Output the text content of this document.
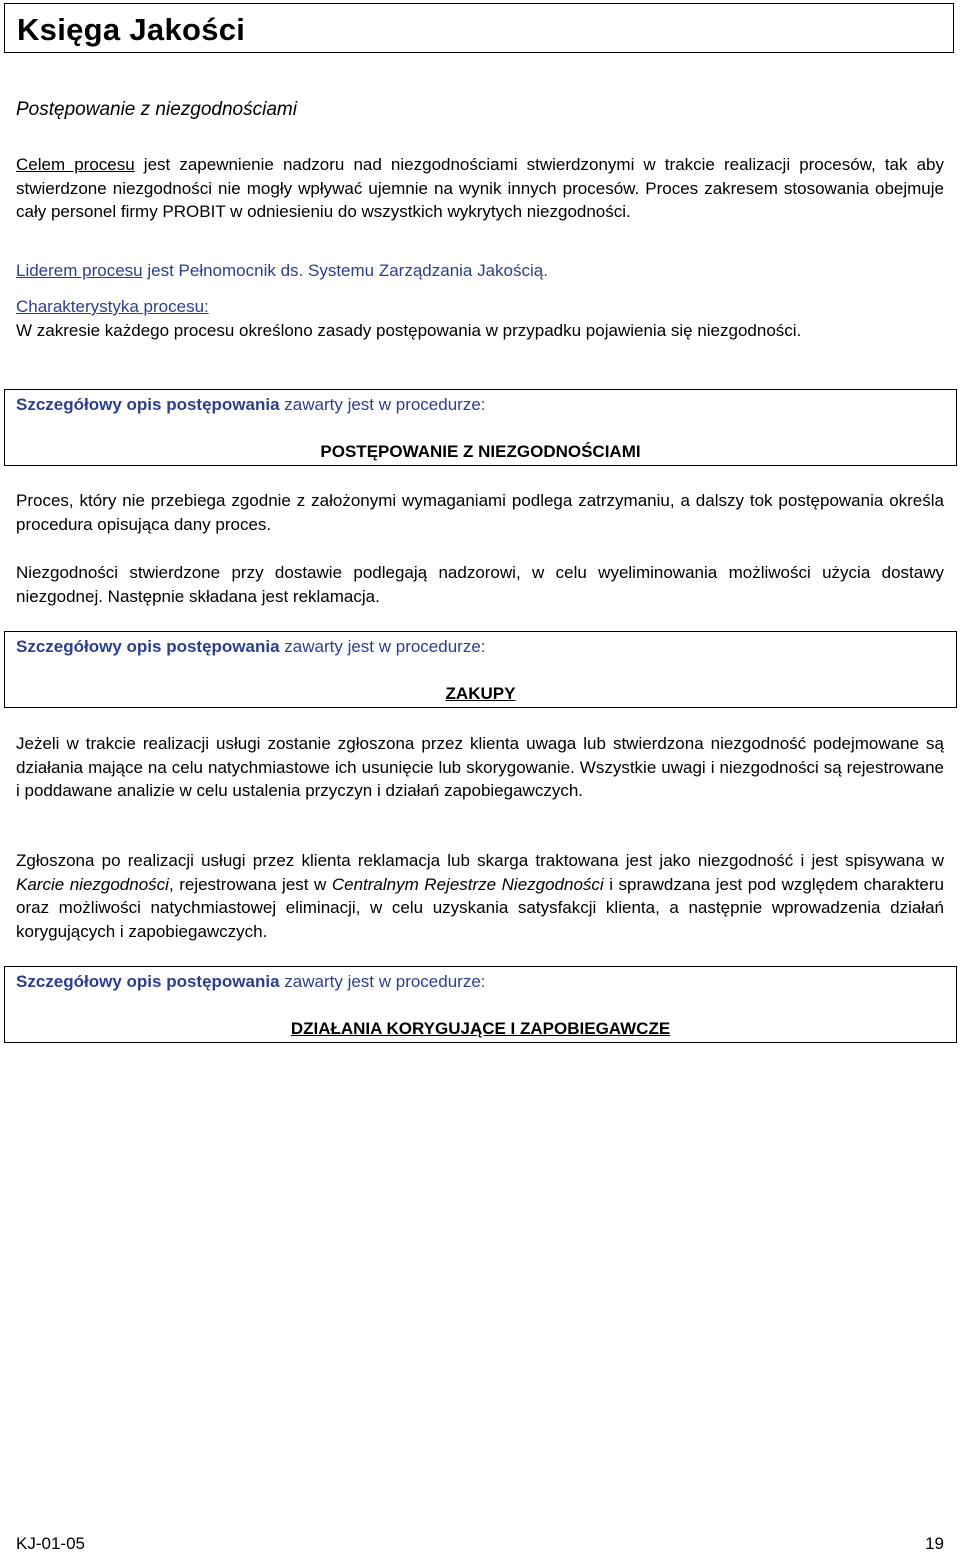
Księga Jakości

Postępowanie z niezgodnościami

Celem procesu jest zapewnienie nadzoru nad niezgodnościami stwierdzonymi w trakcie realizacji procesów, tak aby stwierdzone niezgodności nie mogły wpływać ujemnie na wynik innych procesów. Proces zakresem stosowania obejmuje cały personel firmy PROBIT w odniesieniu do wszystkich wykrytych niezgodności.

Liderem procesu jest Pełnomocnik ds. Systemu Zarządzania Jakością.

Charakterystyka procesu:
W zakresie każdego procesu określono zasady postępowania w przypadku pojawienia się niezgodności.

Szczegółowy opis postępowania zawarty jest w procedurze:

POSTĘPOWANIE Z NIEZGODNOŚCIAMI

Proces, który nie przebiega zgodnie z założonymi wymaganiami podlega zatrzymaniu, a dalszy tok postępowania określa procedura opisująca dany proces.

Niezgodności stwierdzone przy dostawie podlegają nadzorowi, w celu wyeliminowania możliwości użycia dostawy niezgodnej. Następnie składana jest reklamacja.

Szczegółowy opis postępowania zawarty jest w procedurze:

ZAKUPY

Jeżeli w trakcie realizacji usługi zostanie zgłoszona przez klienta uwaga lub stwierdzona niezgodność podejmowane są działania mające na celu natychmiastowe ich usunięcie lub skorygowanie. Wszystkie uwagi i niezgodności są rejestrowane i poddawane analizie w celu ustalenia przyczyn i działań zapobiegawczych.

Zgłoszona po realizacji usługi przez klienta reklamacja lub skarga traktowana jest jako niezgodność i jest spisywana w Karcie niezgodności, rejestrowana jest w Centralnym Rejestrze Niezgodności i sprawdzana jest pod względem charakteru oraz możliwości natychmiastowej eliminacji, w celu uzyskania satysfakcji klienta, a następnie wprowadzenia działań korygujących i zapobiegawczych.

Szczegółowy opis postępowania zawarty jest w procedurze:

DZIAŁANIA KORYGUJĄCE I ZAPOBIEGAWCZE

KJ-01-05	19
